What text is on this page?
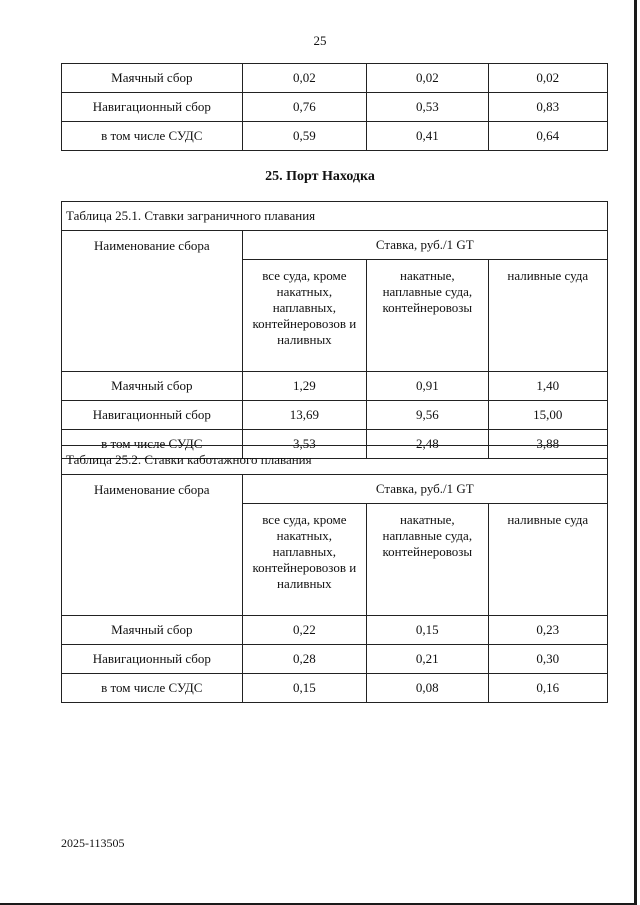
25
Маячный сбор	0,02	0,02	0,02
Навигационный сбор	0,76	0,53	0,83
в том числе СУДС	0,59	0,41	0,64
25. Порт Находка
Таблица 25.1. Ставки заграничного плавания			
Наименование сбора	Ставка, руб./1 GT		
	все суда, кроме накатных, наплавных, контейнеровозов и наливных	накатные, наплавные суда, контейнеровозы	наливные суда
Маячный сбор	1,29	0,91	1,40
Навигационный сбор	13,69	9,56	15,00
в том числе СУДС	3,53	2,48	3,88
Таблица 25.2. Ставки каботажного плавания			
Наименование сбора	Ставка, руб./1 GT		
	все суда, кроме накатных, наплавных, контейнеровозов и наливных	накатные, наплавные суда, контейнеровозы	наливные суда
Маячный сбор	0,22	0,15	0,23
Навигационный сбор	0,28	0,21	0,30
в том числе СУДС	0,15	0,08	0,16
2025-113505
